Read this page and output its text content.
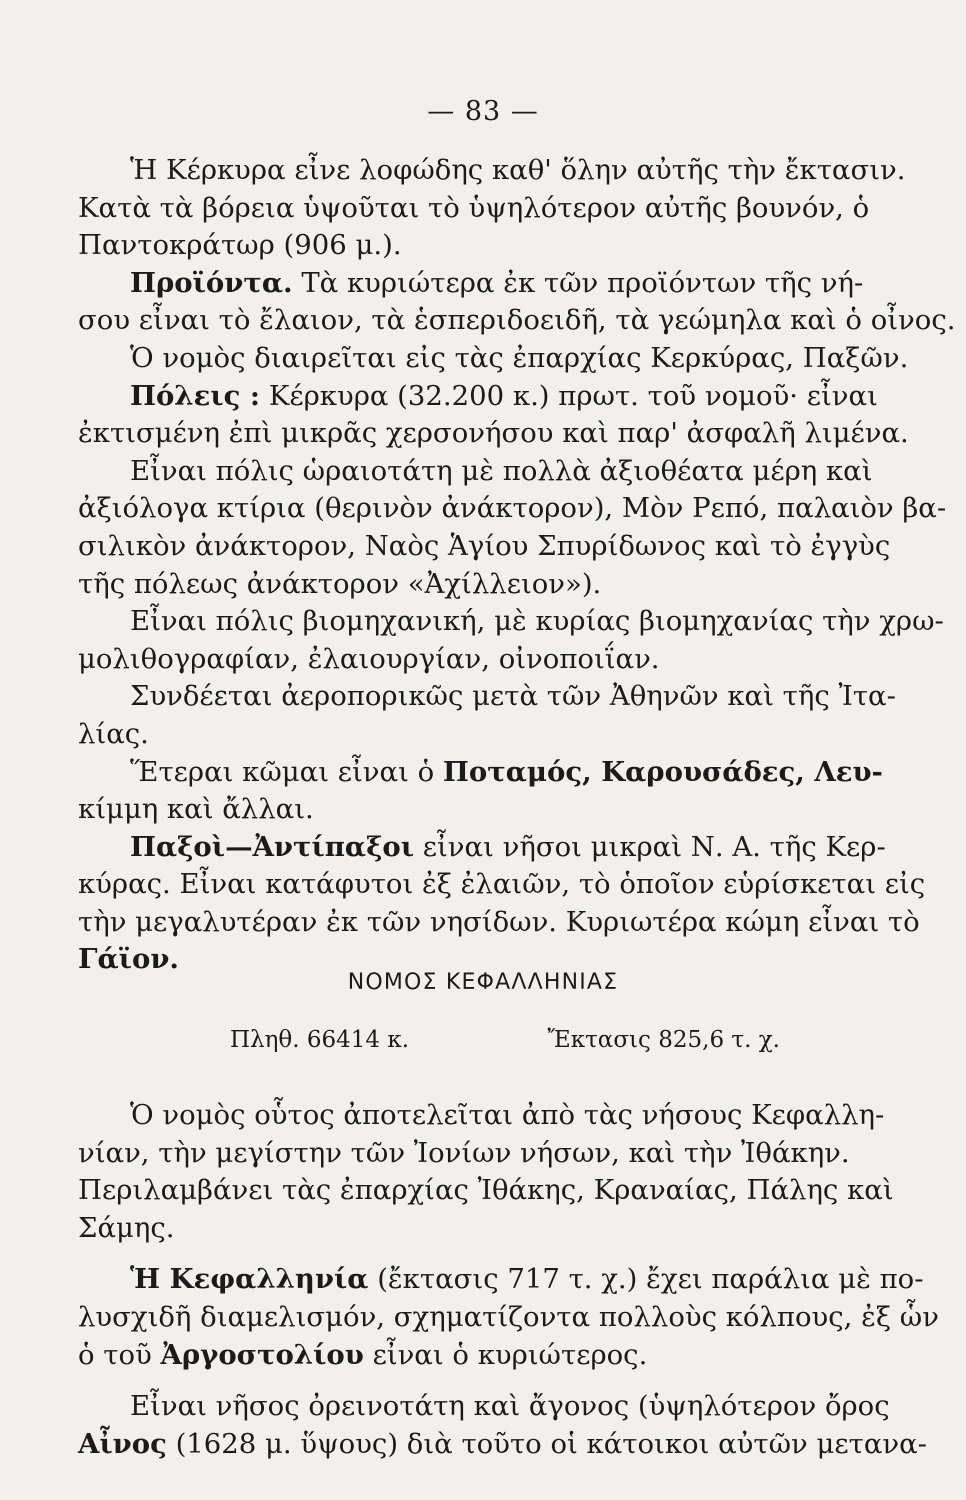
— 83 —
Ἡ Κέρκυρα εἶνε λοφώδης καθ' ὅλην αὐτῆς τὴν ἔκτασιν.
Κατὰ τὰ βόρεια ὑψοῦται τὸ ὑψηλότερον αὐτῆς βουνόν, ὁ
Παντοκράτωρ (906 μ.).
Προϊόντα. Τὰ κυριώτερα ἐκ τῶν προϊόντων τῆς νή-
σου εἶναι τὸ ἔλαιον, τὰ ἑσπεριδοειδῆ, τὰ γεώμηλα καὶ ὁ οἶνος.
Ὁ νομὸς διαιρεῖται εἰς τὰς ἐπαρχίας Κερκύρας, Παξῶν.
Πόλεις : Κέρκυρα (32.200 κ.) πρωτ. τοῦ νομοῦ· εἶναι
ἐκτισμένη ἐπὶ μικρᾶς χερσονήσου καὶ παρ' ἀσφαλῆ λιμένα.
Εἶναι πόλις ὡραιοτάτη μὲ πολλὰ ἀξιοθέατα μέρη καὶ
ἀξιόλογα κτίρια (θερινὸν ἀνάκτορον), Μὸν Ρεπό, παλαιὸν βα-
σιλικὸν ἀνάκτορον, Ναὸς Ἁγίου Σπυρίδωνος καὶ τὸ ἐγγὺς
τῆς πόλεως ἀνάκτορον «Ἀχίλλειον»).
Εἶναι πόλις βιομηχανική, μὲ κυρίας βιομηχανίας τὴν χρω-
μολιθογραφίαν, ἐλαιουργίαν, οἰνοποιΐαν.
Συνδέεται ἀεροπορικῶς μετὰ τῶν Ἀθηνῶν καὶ τῆς Ἰτα-
λίας.
Ἕτεραι κῶμαι εἶναι ὁ Ποταμός, Καρουσάδες, Λευ-
κίμμη καὶ ἄλλαι.
Παξοὶ—Ἀντίπαξοι εἶναι νῆσοι μικραὶ Ν. Α. τῆς Κερ-
κύρας. Εἶναι κατάφυτοι ἐξ ἐλαιῶν, τὸ ὁποῖον εὑρίσκεται εἰς
τὴν μεγαλυτέραν ἐκ τῶν νησίδων. Κυριωτέρα κώμη εἶναι τὸ
Γάϊον.
ΝΟΜΟΣ ΚΕΦΑΛΛΗΝΙΑΣ
Πληθ. 66414 κ.	Ἔκτασις 825,6 τ. χ.
Ὁ νομὸς οὗτος ἀποτελεῖται ἀπὸ τὰς νήσους Κεφαλλη-
νίαν, τὴν μεγίστην τῶν Ἰονίων νήσων, καὶ τὴν Ἰθάκην.
Περιλαμβάνει τὰς ἐπαρχίας Ἰθάκης, Κραναίας, Πάλης καὶ
Σάμης.
Ἡ Κεφαλληνία (ἔκτασις 717 τ. χ.) ἔχει παράλια μὲ πο-
λυσχιδῆ διαμελισμόν, σχηματίζοντα πολλοὺς κόλπους, ἐξ ὧν
ὁ τοῦ Ἀργοστολίου εἶναι ὁ κυριώτερος.
Εἶναι νῆσος ὀρεινοτάτη καὶ ἄγονος (ὑψηλότερον ὄρος
Αἶνος (1628 μ. ὕψους) διὰ τοῦτο οἱ κάτοικοι αὐτῶν μετανα-
